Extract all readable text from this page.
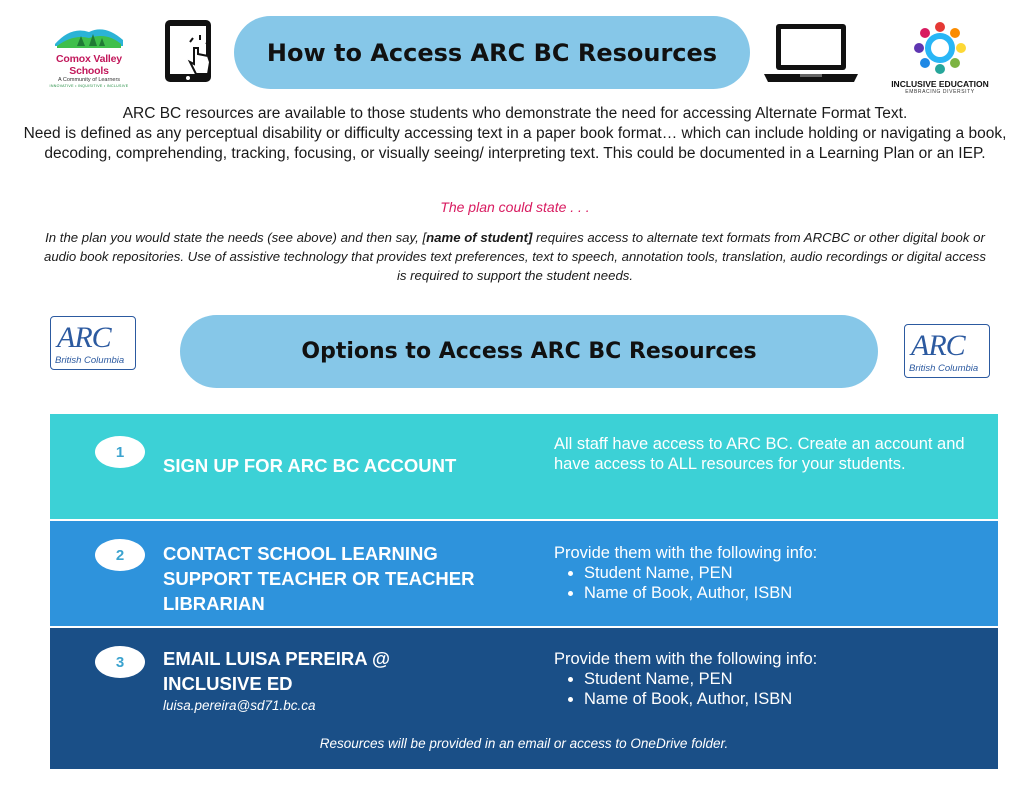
Comox Valley Schools
A Community of Learners
INNOVATIVE • INQUISITIVE • INCLUSIVE
How to Access ARC BC Resources
INCLUSIVE EDUCATION
EMBRACING DIVERSITY
ARC BC resources are available to those students who demonstrate the need for accessing Alternate Format Text.
Need is defined as any perceptual disability or difficulty accessing text in a paper book format… which can include holding or navigating a book, decoding, comprehending, tracking, focusing, or visually seeing/ interpreting text. This could be documented in a Learning Plan or an IEP.
The plan could state . . .
In the plan you would state the needs (see above) and then say, [name of student] requires access to alternate text formats from ARCBC or other digital book or audio book repositories. Use of assistive technology that provides text preferences, text to speech, annotation tools, translation, audio recordings or digital access is required to support the student needs.
ARC
British Columbia	ARC
British Columbia
Options to Access ARC BC Resources
1
SIGN UP FOR ARC BC ACCOUNT
All staff have access to ARC BC. Create an account and have access to ALL resources for your students.
2	CONTACT SCHOOL LEARNING SUPPORT TEACHER OR TEACHER LIBRARIAN
Provide them with the following info:
• Student Name, PEN
• Name of Book, Author, ISBN
3	EMAIL LUISA PEREIRA @ INCLUSIVE ED
luisa.pereira@sd71.bc.ca
Provide them with the following info:
• Student Name, PEN
• Name of Book, Author, ISBN
Resources will be provided in an email or access to OneDrive folder.
